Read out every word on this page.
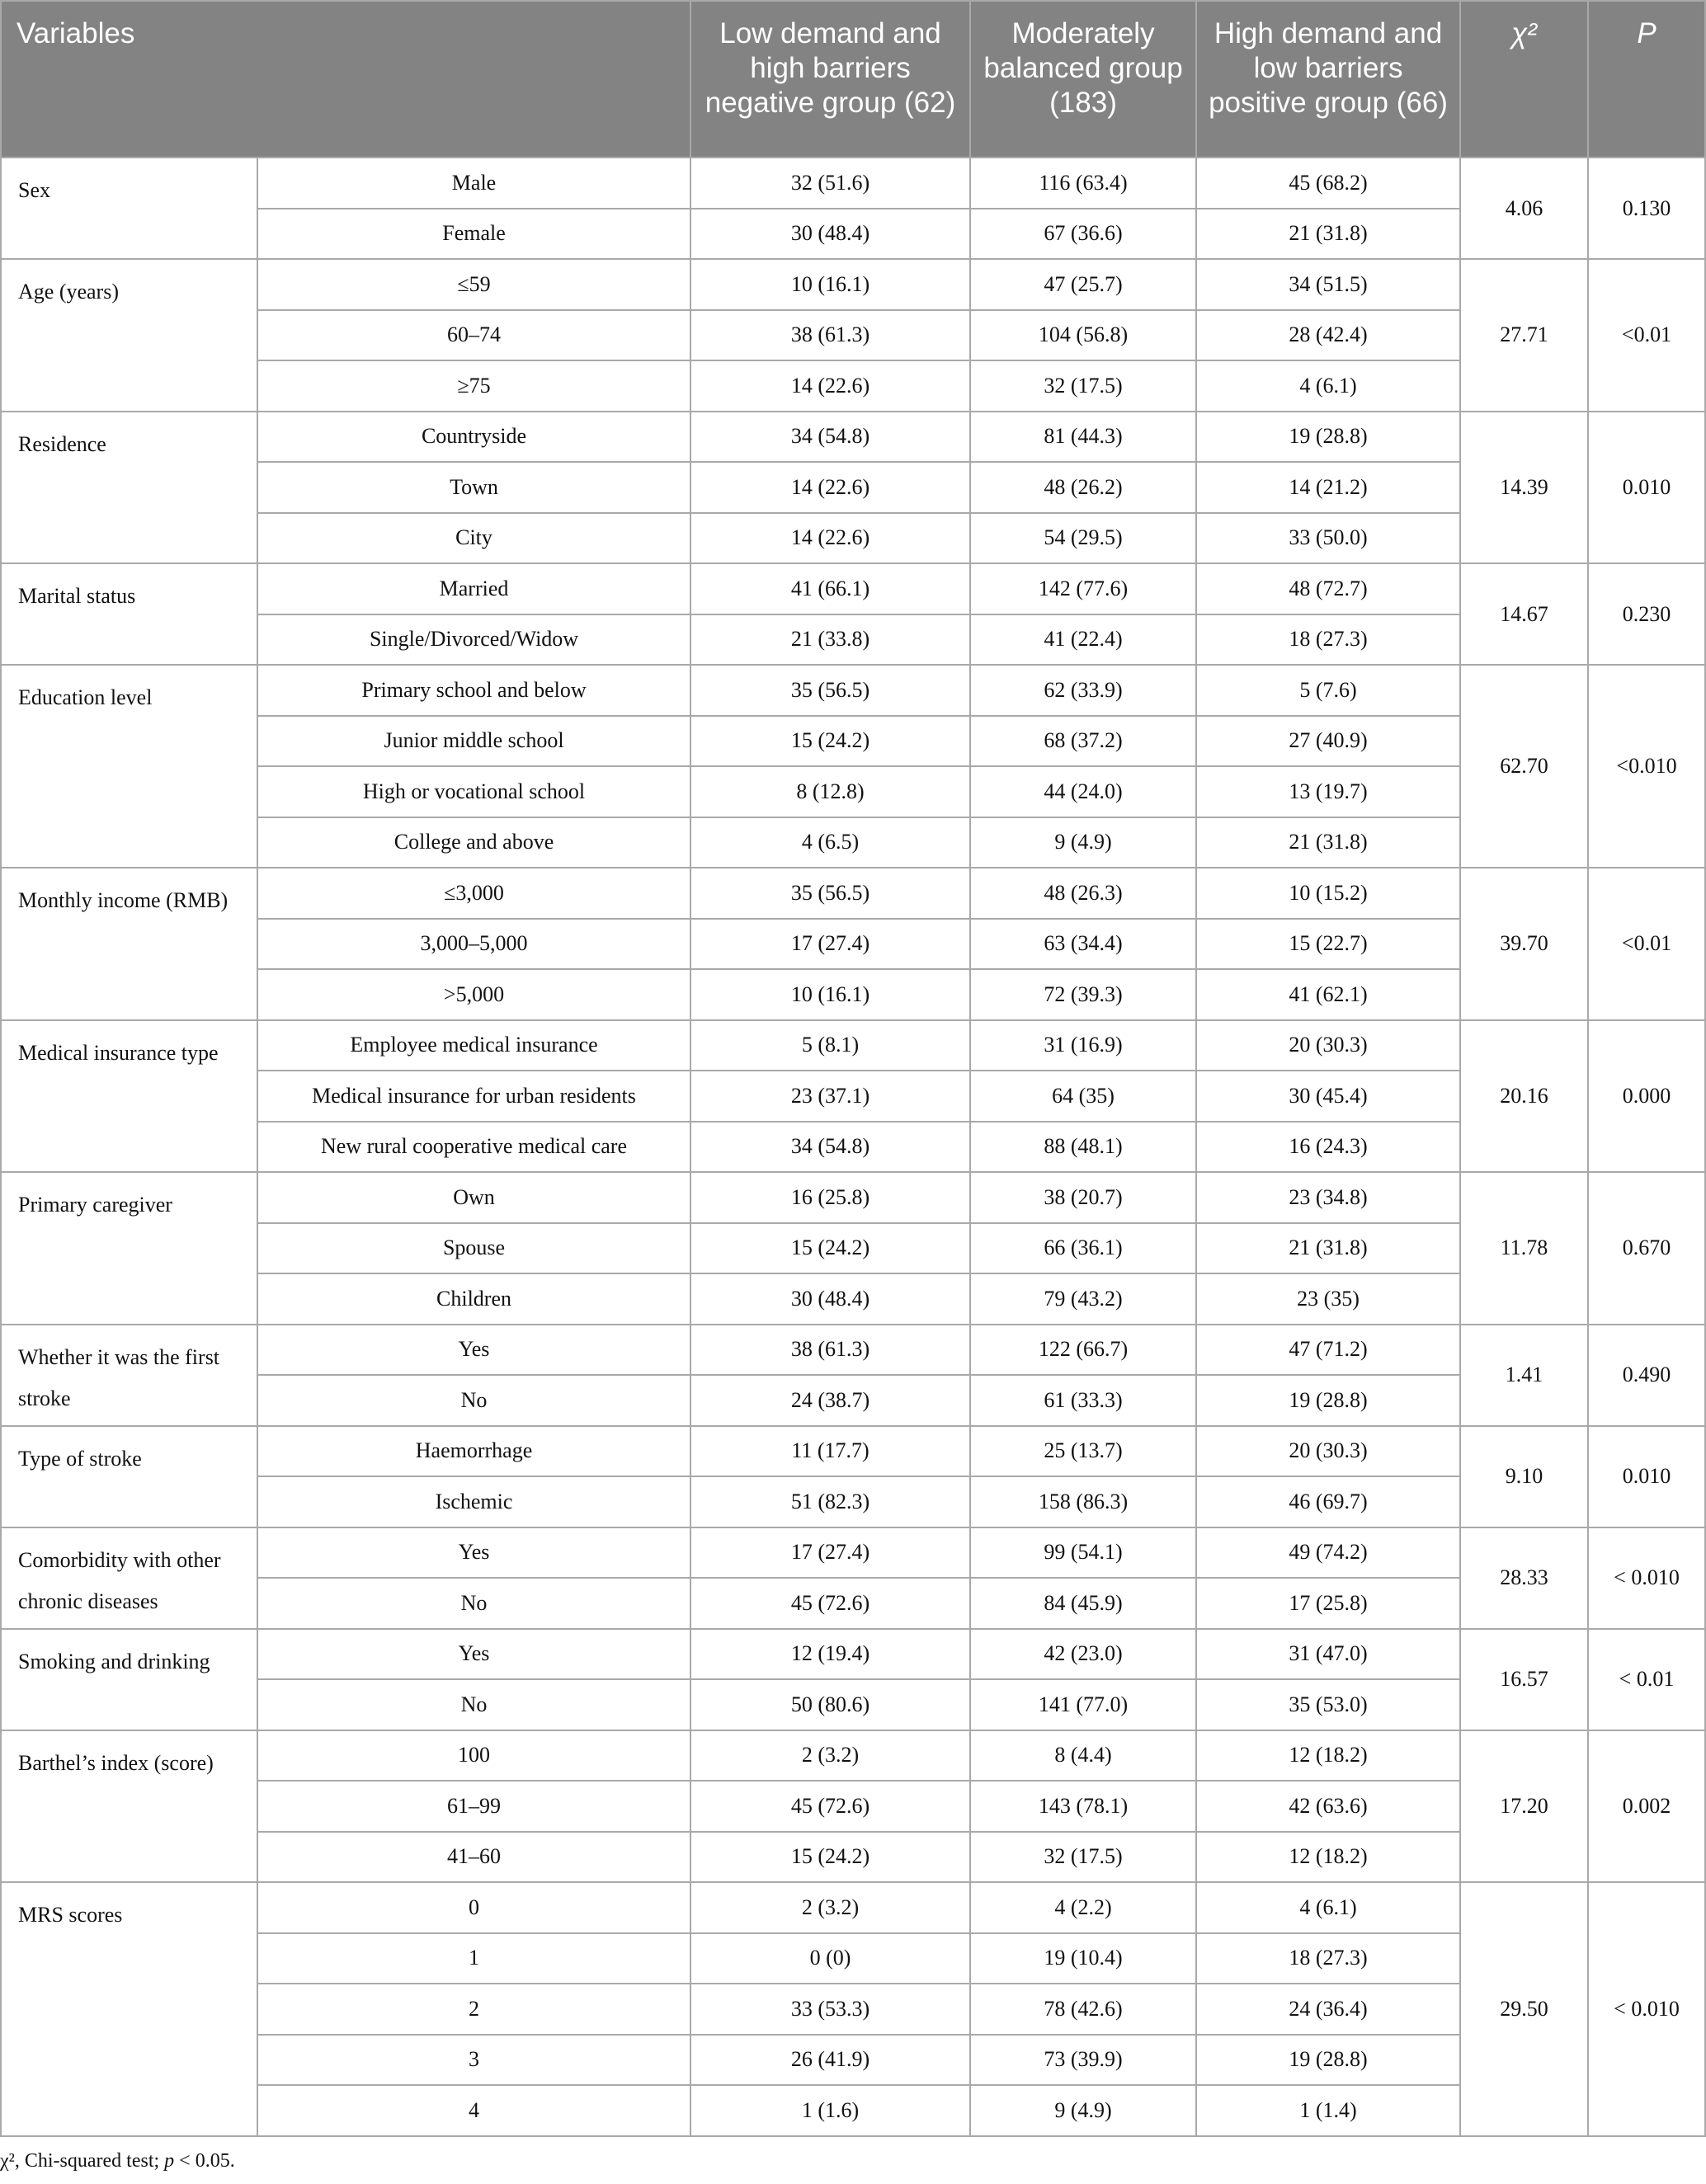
Variables		Low demand and high barriers negative group (62)	Moderately balanced group (183)	High demand and low barriers positive group (66)	χ²	P
Sex	Male	32 (51.6)	116 (63.4)	45 (68.2)	4.06	0.130
	Female	30 (48.4)	67 (36.6)	21 (31.8)		
Age (years)	≤59	10 (16.1)	47 (25.7)	34 (51.5)	27.71	<0.01
	60–74	38 (61.3)	104 (56.8)	28 (42.4)		
	≥75	14 (22.6)	32 (17.5)	4 (6.1)		
Residence	Countryside	34 (54.8)	81 (44.3)	19 (28.8)	14.39	0.010
	Town	14 (22.6)	48 (26.2)	14 (21.2)		
	City	14 (22.6)	54 (29.5)	33 (50.0)		
Marital status	Married	41 (66.1)	142 (77.6)	48 (72.7)	14.67	0.230
	Single/Divorced/Widow	21 (33.8)	41 (22.4)	18 (27.3)		
Education level	Primary school and below	35 (56.5)	62 (33.9)	5 (7.6)	62.70	<0.010
	Junior middle school	15 (24.2)	68 (37.2)	27 (40.9)		
	High or vocational school	8 (12.8)	44 (24.0)	13 (19.7)		
	College and above	4 (6.5)	9 (4.9)	21 (31.8)		
Monthly income (RMB)	≤3,000	35 (56.5)	48 (26.3)	10 (15.2)	39.70	<0.01
	3,000–5,000	17 (27.4)	63 (34.4)	15 (22.7)		
	>5,000	10 (16.1)	72 (39.3)	41 (62.1)		
Medical insurance type	Employee medical insurance	5 (8.1)	31 (16.9)	20 (30.3)	20.16	0.000
	Medical insurance for urban residents	23 (37.1)	64 (35)	30 (45.4)		
	New rural cooperative medical care	34 (54.8)	88 (48.1)	16 (24.3)		
Primary caregiver	Own	16 (25.8)	38 (20.7)	23 (34.8)	11.78	0.670
	Spouse	15 (24.2)	66 (36.1)	21 (31.8)		
	Children	30 (48.4)	79 (43.2)	23 (35)		
Whether it was the first stroke	Yes	38 (61.3)	122 (66.7)	47 (71.2)	1.41	0.490
	No	24 (38.7)	61 (33.3)	19 (28.8)		
Type of stroke	Haemorrhage	11 (17.7)	25 (13.7)	20 (30.3)	9.10	0.010
	Ischemic	51 (82.3)	158 (86.3)	46 (69.7)		
Comorbidity with other chronic diseases	Yes	17 (27.4)	99 (54.1)	49 (74.2)	28.33	< 0.010
	No	45 (72.6)	84 (45.9)	17 (25.8)		
Smoking and drinking	Yes	12 (19.4)	42 (23.0)	31 (47.0)	16.57	< 0.01
	No	50 (80.6)	141 (77.0)	35 (53.0)		
Barthel’s index (score)	100	2 (3.2)	8 (4.4)	12 (18.2)	17.20	0.002
	61–99	45 (72.6)	143 (78.1)	42 (63.6)		
	41–60	15 (24.2)	32 (17.5)	12 (18.2)		
MRS scores	0	2 (3.2)	4 (2.2)	4 (6.1)	29.50	< 0.010
	1	0 (0)	19 (10.4)	18 (27.3)		
	2	33 (53.3)	78 (42.6)	24 (36.4)		
	3	26 (41.9)	73 (39.9)	19 (28.8)		
	4	1 (1.6)	9 (4.9)	1 (1.4)		
χ², Chi-squared test; p < 0.05.
